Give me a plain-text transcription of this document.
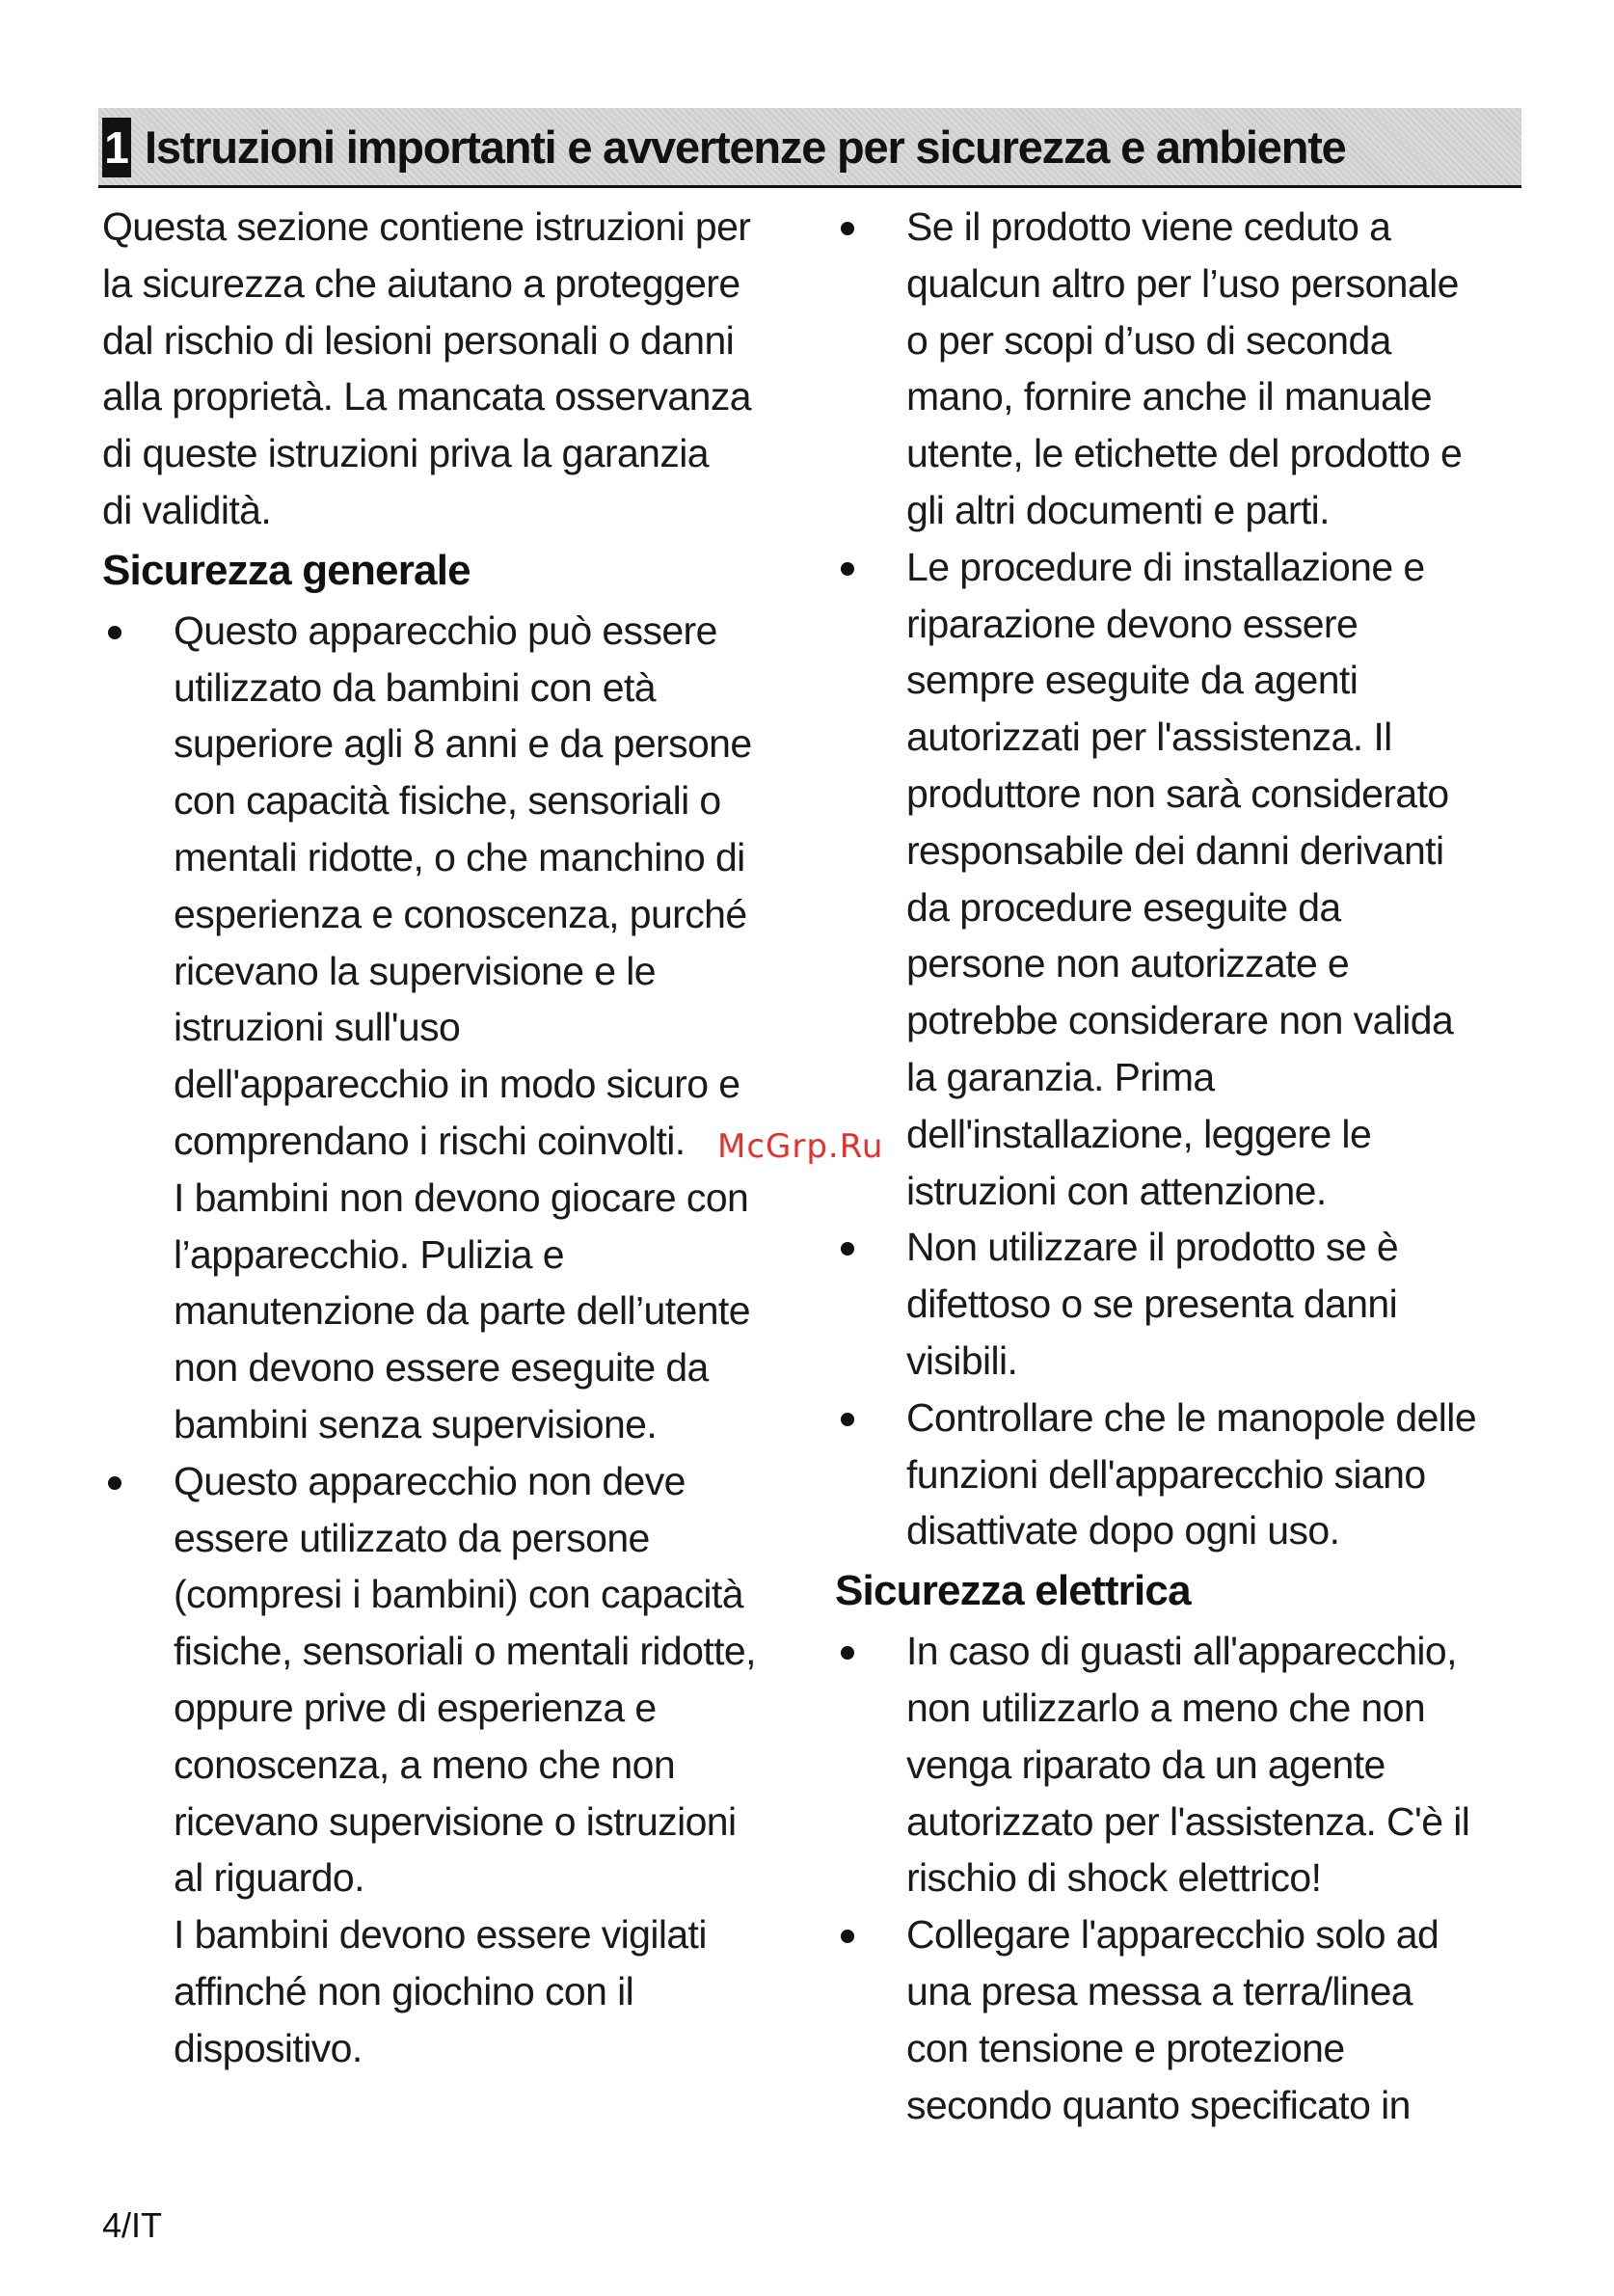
1 Istruzioni importanti e avvertenze per sicurezza e ambiente

Questa sezione contiene istruzioni per
la sicurezza che aiutano a proteggere
dal rischio di lesioni personali o danni
alla proprietà. La mancata osservanza
di queste istruzioni priva la garanzia
di validità.

Sicurezza generale
Questo apparecchio può essere
utilizzato da bambini con età
superiore agli 8 anni e da persone
con capacità fisiche, sensoriali o
mentali ridotte, o che manchino di
esperienza e conoscenza, purché
ricevano la supervisione e le
istruzioni sull'uso
dell'apparecchio in modo sicuro e
comprendano i rischi coinvolti.
I bambini non devono giocare con
l’apparecchio. Pulizia e
manutenzione da parte dell’utente
non devono essere eseguite da
bambini senza supervisione.
Questo apparecchio non deve
essere utilizzato da persone
(compresi i bambini) con capacità
fisiche, sensoriali o mentali ridotte,
oppure prive di esperienza e
conoscenza, a meno che non
ricevano supervisione o istruzioni
al riguardo.
I bambini devono essere vigilati
affinché non giochino con il
dispositivo.
Se il prodotto viene ceduto a
qualcun altro per l’uso personale
o per scopi d’uso di seconda
mano, fornire anche il manuale
utente, le etichette del prodotto e
gli altri documenti e parti.
Le procedure di installazione e
riparazione devono essere
sempre eseguite da agenti
autorizzati per l'assistenza. Il
produttore non sarà considerato
responsabile dei danni derivanti
da procedure eseguite da
persone non autorizzate e
potrebbe considerare non valida
la garanzia. Prima
dell'installazione, leggere le
istruzioni con attenzione.
Non utilizzare il prodotto se è
difettoso o se presenta danni
visibili.
Controllare che le manopole delle
funzioni dell'apparecchio siano
disattivate dopo ogni uso.
Sicurezza elettrica
In caso di guasti all'apparecchio,
non utilizzarlo a meno che non
venga riparato da un agente
autorizzato per l'assistenza. C'è il
rischio di shock elettrico!
Collegare l'apparecchio solo ad
una presa messa a terra/linea
con tensione e protezione
secondo quanto specificato in
McGrp.Ru
4/IT
